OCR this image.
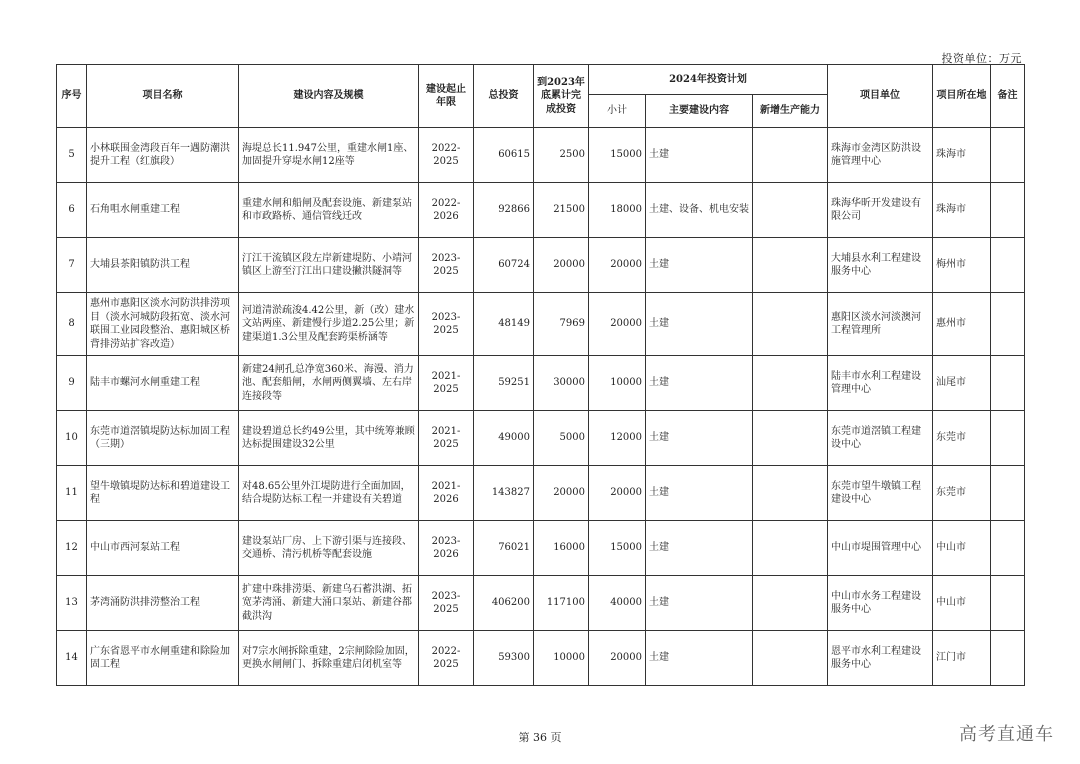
投资单位：万元
序号	项目名称	建设内容及规模	建设起止年限	总投资	到2023年底累计完成投资	2024年投资计划			项目单位	项目所在地	备注
						小计	主要建设内容	新增生产能力			
5	小林联围金湾段百年一遇防潮洪提升工程（红旗段）	海堤总长11.947公里，重建水闸1座、加固提升穿堤水闸12座等	2022-2025	60615	2500	15000	土建		珠海市金湾区防洪设施管理中心	珠海市	
6	石角咀水闸重建工程	重建水闸和船闸及配套设施、新建泵站和市政路桥、通信管线迁改	2022-2026	92866	21500	18000	土建、设备、机电安装		珠海华昕开发建设有限公司	珠海市	
7	大埔县茶阳镇防洪工程	汀江干流镇区段左岸新建堤防、小靖河镇区上游至汀江出口建设撇洪隧洞等	2023-2025	60724	20000	20000	土建		大埔县水利工程建设服务中心	梅州市	
8	惠州市惠阳区淡水河防洪排涝项目（淡水河城防段拓宽、淡水河联围工业园段整治、惠阳城区桥背排涝站扩容改造）	河道清淤疏浚4.42公里，新（改）建水文站两座、新建慢行步道2.25公里；新建渠道1.3公里及配套跨渠桥涵等	2023-2025	48149	7969	20000	土建		惠阳区淡水河淡澳河工程管理所	惠州市	
9	陆丰市螺河水闸重建工程	新建24闸孔总净宽360米、海漫、消力池、配套船闸，水闸两侧翼墙、左右岸连接段等	2021-2025	59251	30000	10000	土建		陆丰市水利工程建设管理中心	汕尾市	
10	东莞市道滘镇堤防达标加固工程（三期）	建设碧道总长约49公里，其中统筹兼顾达标提围建设32公里	2021-2025	49000	5000	12000	土建		东莞市道滘镇工程建设中心	东莞市	
11	望牛墩镇堤防达标和碧道建设工程	对48.65公里外江堤防进行全面加固，结合堤防达标工程一并建设有关碧道	2021-2026	143827	20000	20000	土建		东莞市望牛墩镇工程建设中心	东莞市	
12	中山市西河泵站工程	建设泵站厂房、上下游引渠与连接段、交通桥、清污机桥等配套设施	2023-2026	76021	16000	15000	土建		中山市堤围管理中心	中山市	
13	茅湾涌防洪排涝整治工程	扩建中珠排涝渠、新建乌石蓄洪湖、拓宽茅湾涌、新建大涌口泵站、新建谷都截洪沟	2023-2025	406200	117100	40000	土建		中山市水务工程建设服务中心	中山市	
14	广东省恩平市水闸重建和除险加固工程	对7宗水闸拆除重建，2宗闸除险加固，更换水闸闸门、拆除重建启闭机室等	2022-2025	59300	10000	20000	土建		恩平市水利工程建设服务中心	江门市	
第 36 页	高考直通车
